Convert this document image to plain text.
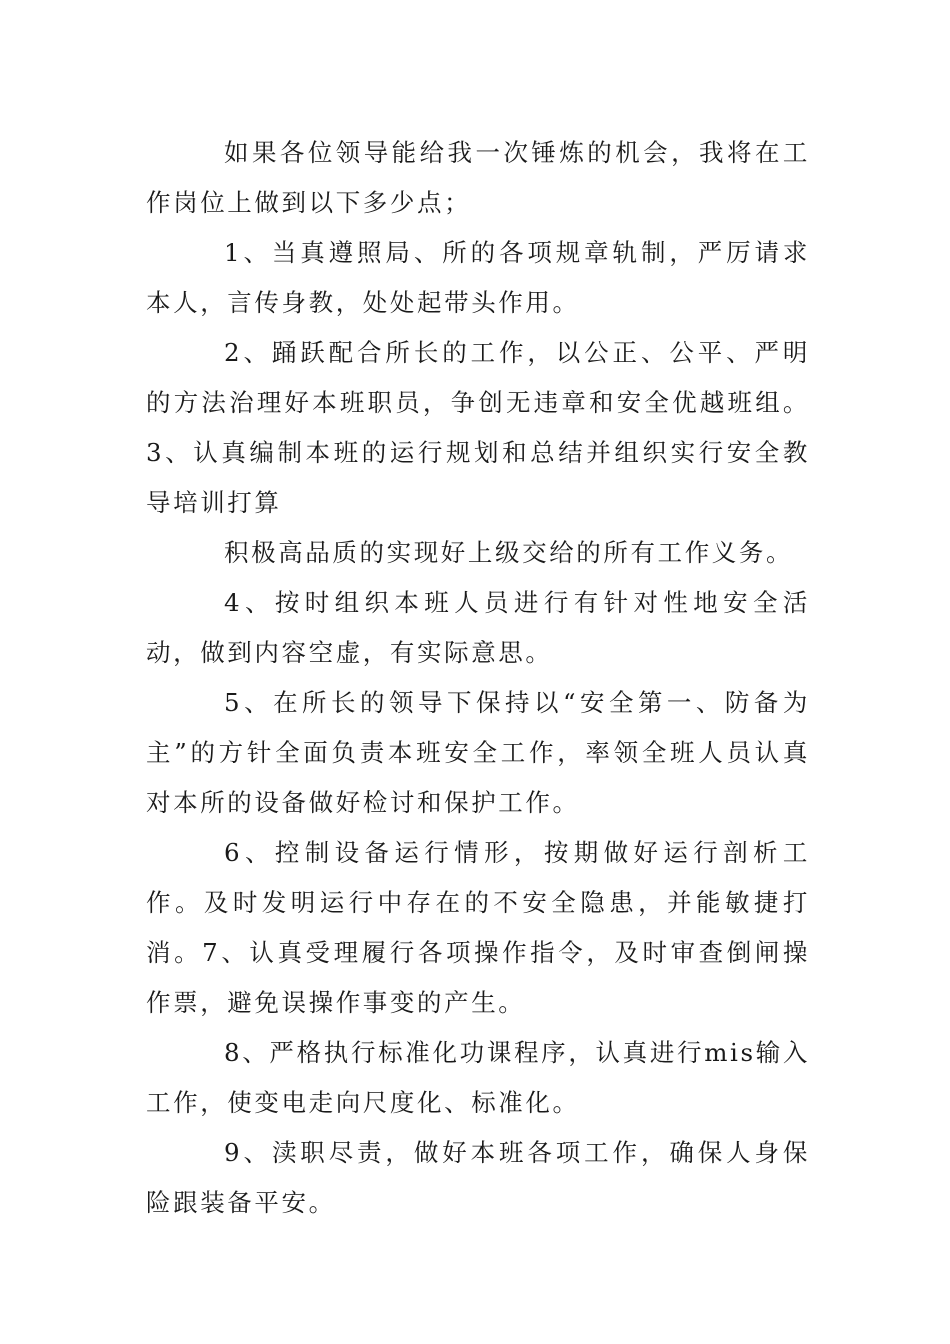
如果各位领导能给我一次锤炼的机会，我将在工作岗位上做到以下多少点；

1、当真遵照局、所的各项规章轨制，严厉请求本人，言传身教，处处起带头作用。

2、踊跃配合所长的工作，以公正、公平、严明的方法治理好本班职员，争创无违章和安全优越班组。3、认真编制本班的运行规划和总结并组织实行安全教导培训打算

积极高品质的实现好上级交给的所有工作义务。

4、按时组织本班人员进行有针对性地安全活动，做到内容空虚，有实际意思。

5、在所长的领导下保持以“安全第一、防备为主”的方针全面负责本班安全工作，率领全班人员认真对本所的设备做好检讨和保护工作。

6、控制设备运行情形，按期做好运行剖析工作。及时发明运行中存在的不安全隐患，并能敏捷打消。7、认真受理履行各项操作指令，及时审查倒闸操作票，避免误操作事变的产生。

8、严格执行标准化功课程序，认真进行mis输入工作，使变电走向尺度化、标准化。

9、渎职尽责，做好本班各项工作，确保人身保险跟装备平安。
